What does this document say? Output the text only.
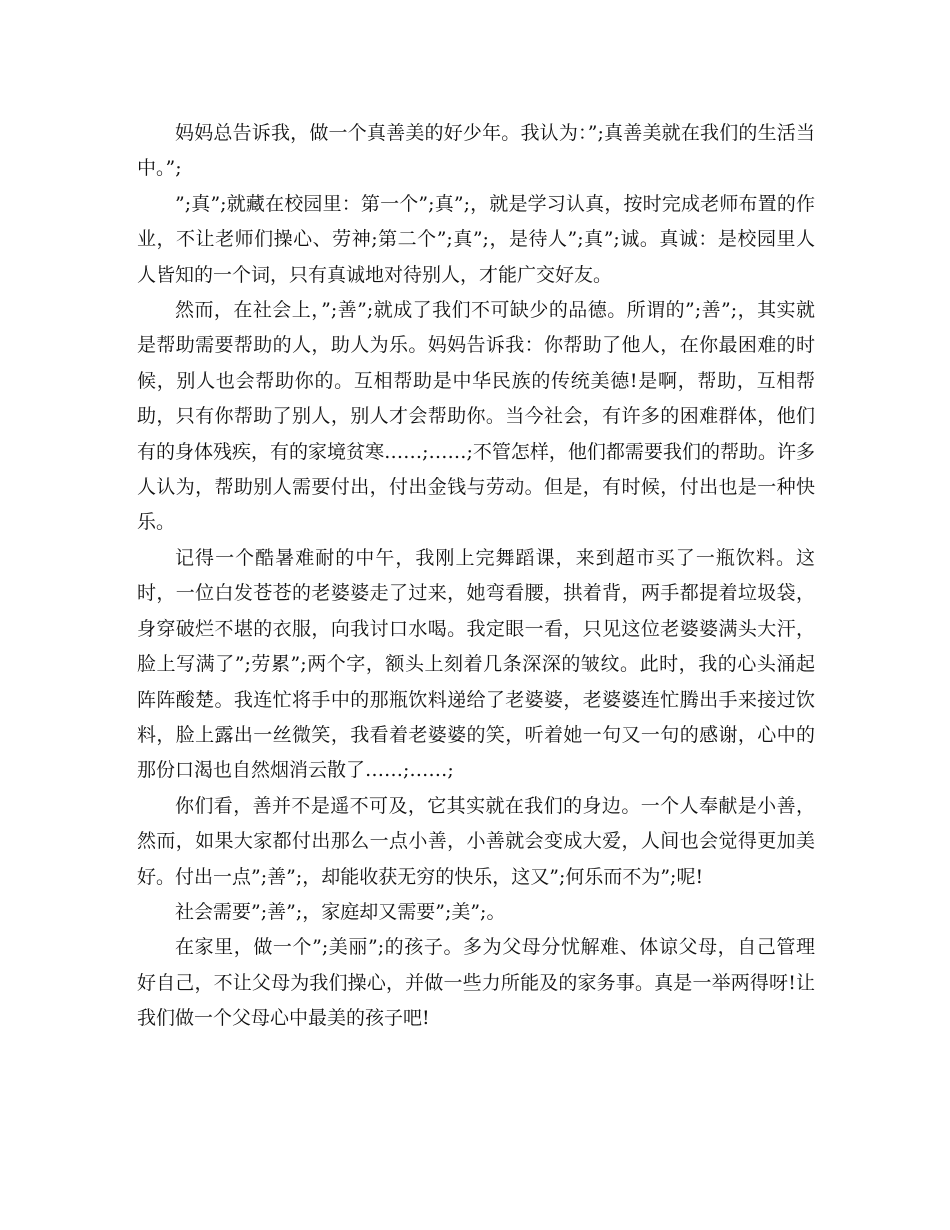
妈妈总告诉我，做一个真善美的好少年。我认为：”;真善美就在我们的生活当中。”;

”;真”;就藏在校园里：第一个”;真”;，就是学习认真，按时完成老师布置的作业，不让老师们操心、劳神;第二个”;真”;，是待人”;真”;诚。真诚：是校园里人人皆知的一个词，只有真诚地对待别人，才能广交好友。

然而，在社会上，”;善”;就成了我们不可缺少的品德。所谓的”;善”;，其实就是帮助需要帮助的人，助人为乐。妈妈告诉我：你帮助了他人，在你最困难的时候，别人也会帮助你的。互相帮助是中华民族的传统美德!是啊，帮助，互相帮助，只有你帮助了别人，别人才会帮助你。当今社会，有许多的困难群体，他们有的身体残疾，有的家境贫寒……;……;不管怎样，他们都需要我们的帮助。许多人认为，帮助别人需要付出，付出金钱与劳动。但是，有时候，付出也是一种快乐。

记得一个酷暑难耐的中午，我刚上完舞蹈课，来到超市买了一瓶饮料。这时，一位白发苍苍的老婆婆走了过来，她弯看腰，拱着背，两手都提着垃圾袋，身穿破烂不堪的衣服，向我讨口水喝。我定眼一看，只见这位老婆婆满头大汗，脸上写满了”;劳累”;两个字，额头上刻着几条深深的皱纹。此时，我的心头涌起阵阵酸楚。我连忙将手中的那瓶饮料递给了老婆婆，老婆婆连忙腾出手来接过饮料，脸上露出一丝微笑，我看着老婆婆的笑，听着她一句又一句的感谢，心中的那份口渴也自然烟消云散了……;……;

你们看，善并不是遥不可及，它其实就在我们的身边。一个人奉献是小善，然而，如果大家都付出那么一点小善，小善就会变成大爱，人间也会觉得更加美好。付出一点”;善”;，却能收获无穷的快乐，这又”;何乐而不为”;呢!

社会需要”;善”;，家庭却又需要”;美”;。

在家里，做一个”;美丽”;的孩子。多为父母分忧解难、体谅父母，自己管理好自己，不让父母为我们操心，并做一些力所能及的家务事。真是一举两得呀!让我们做一个父母心中最美的孩子吧!
